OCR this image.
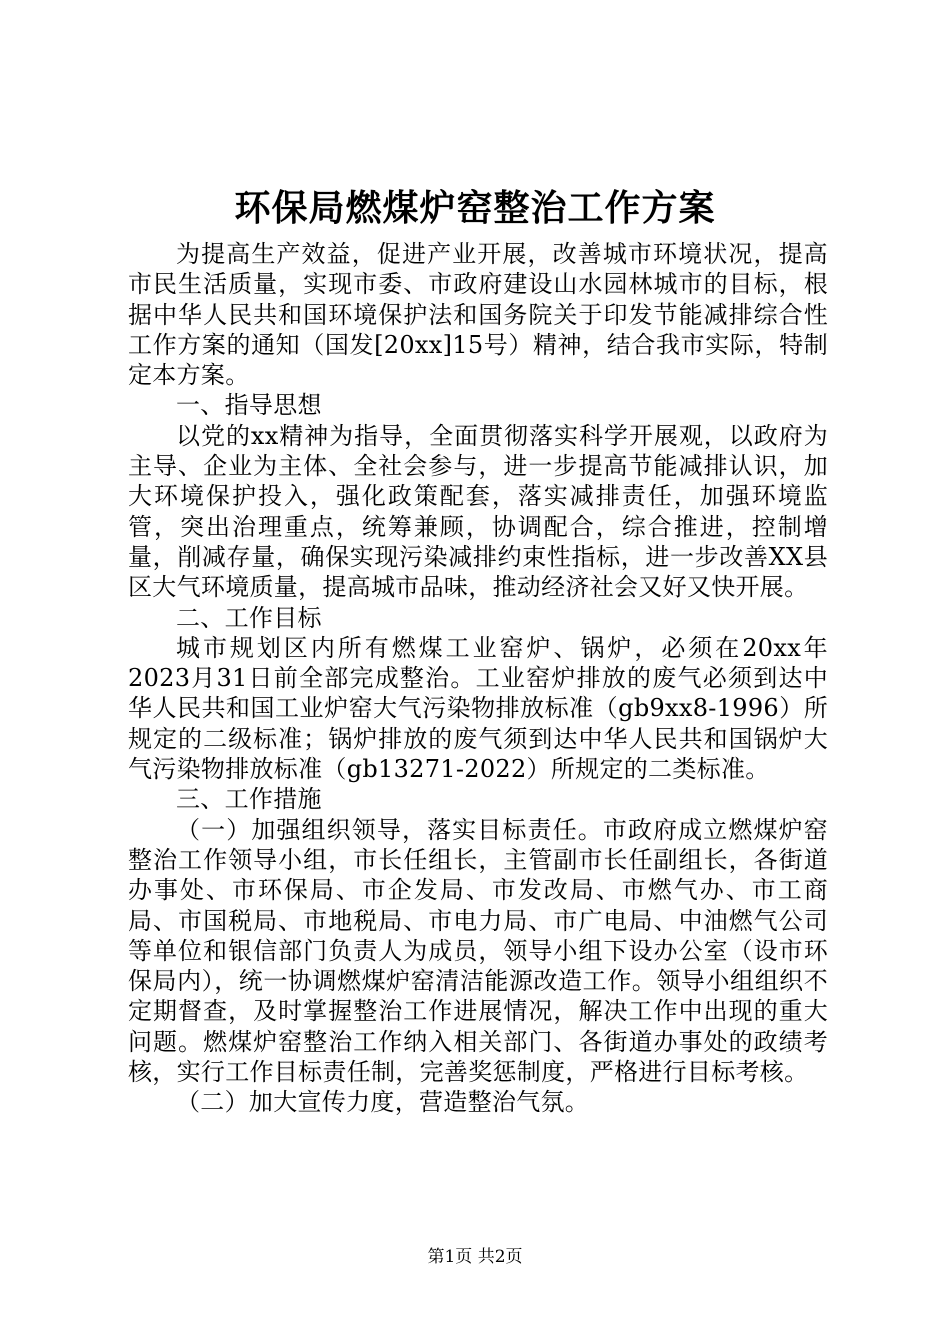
环保局燃煤炉窑整治工作方案

为提高生产效益，促进产业开展，改善城市环境状况，提高市民生活质量，实现市委、市政府建设山水园林城市的目标，根据中华人民共和国环境保护法和国务院关于印发节能减排综合性工作方案的通知（国发[20xx]15号）精神，结合我市实际，特制定本方案。

一、指导思想

以党的xx精神为指导，全面贯彻落实科学开展观，以政府为主导、企业为主体、全社会参与，进一步提高节能减排认识，加大环境保护投入，强化政策配套，落实减排责任，加强环境监管，突出治理重点，统筹兼顾，协调配合，综合推进，控制增量，削减存量，确保实现污染减排约束性指标，进一步改善XX县区大气环境质量，提高城市品味，推动经济社会又好又快开展。

二、工作目标

城市规划区内所有燃煤工业窑炉、锅炉，必须在20xx年2023月31日前全部完成整治。工业窑炉排放的废气必须到达中华人民共和国工业炉窑大气污染物排放标准（gb9xx8-1996）所规定的二级标准；锅炉排放的废气须到达中华人民共和国锅炉大气污染物排放标准（gb13271-2022）所规定的二类标准。

三、工作措施

（一）加强组织领导，落实目标责任。市政府成立燃煤炉窑整治工作领导小组，市长任组长，主管副市长任副组长，各街道办事处、市环保局、市企发局、市发改局、市燃气办、市工商局、市国税局、市地税局、市电力局、市广电局、中油燃气公司等单位和银信部门负责人为成员，领导小组下设办公室（设市环保局内），统一协调燃煤炉窑清洁能源改造工作。领导小组组织不定期督查，及时掌握整治工作进展情况，解决工作中出现的重大问题。燃煤炉窑整治工作纳入相关部门、各街道办事处的政绩考核，实行工作目标责任制，完善奖惩制度，严格进行目标考核。

（二）加大宣传力度，营造整治气氛。

第1页 共2页
